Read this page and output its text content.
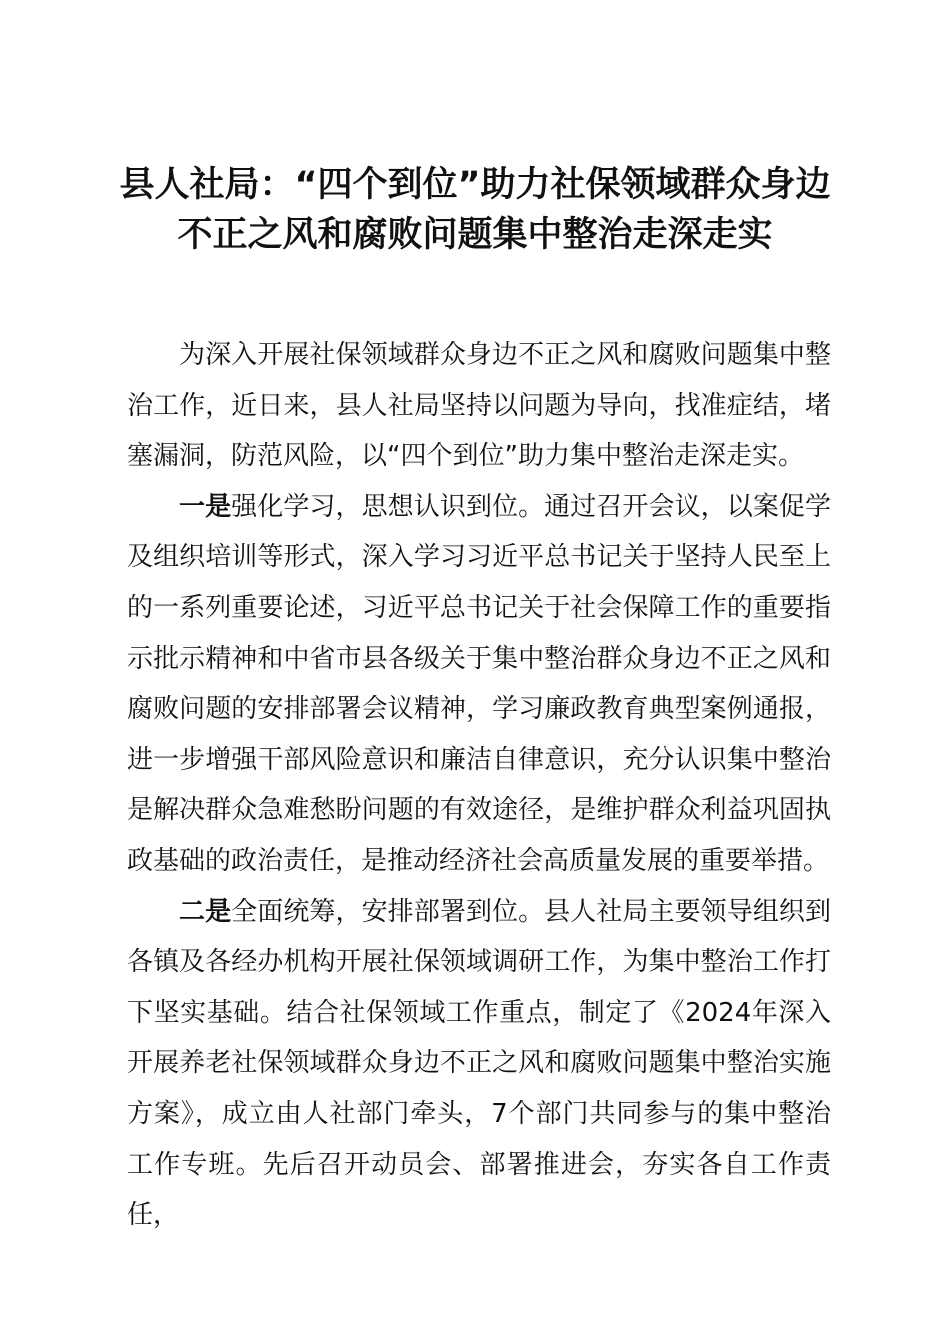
县人社局：“四个到位”助力社保领域群众身边不正之风和腐败问题集中整治走深走实

为深入开展社保领域群众身边不正之风和腐败问题集中整治工作，近日来，县人社局坚持以问题为导向，找准症结，堵塞漏洞，防范风险，以“四个到位”助力集中整治走深走实。

一是强化学习，思想认识到位。通过召开会议，以案促学及组织培训等形式，深入学习习近平总书记关于坚持人民至上的一系列重要论述，习近平总书记关于社会保障工作的重要指示批示精神和中省市县各级关于集中整治群众身边不正之风和腐败问题的安排部署会议精神，学习廉政教育典型案例通报，进一步增强干部风险意识和廉洁自律意识，充分认识集中整治是解决群众急难愁盼问题的有效途径，是维护群众利益巩固执政基础的政治责任，是推动经济社会高质量发展的重要举措。

二是全面统筹，安排部署到位。县人社局主要领导组织到各镇及各经办机构开展社保领域调研工作，为集中整治工作打下坚实基础。结合社保领域工作重点，制定了《2024年深入开展养老社保领域群众身边不正之风和腐败问题集中整治实施方案》，成立由人社部门牵头，7个部门共同参与的集中整治工作专班。先后召开动员会、部署推进会，夯实各自工作责任，
